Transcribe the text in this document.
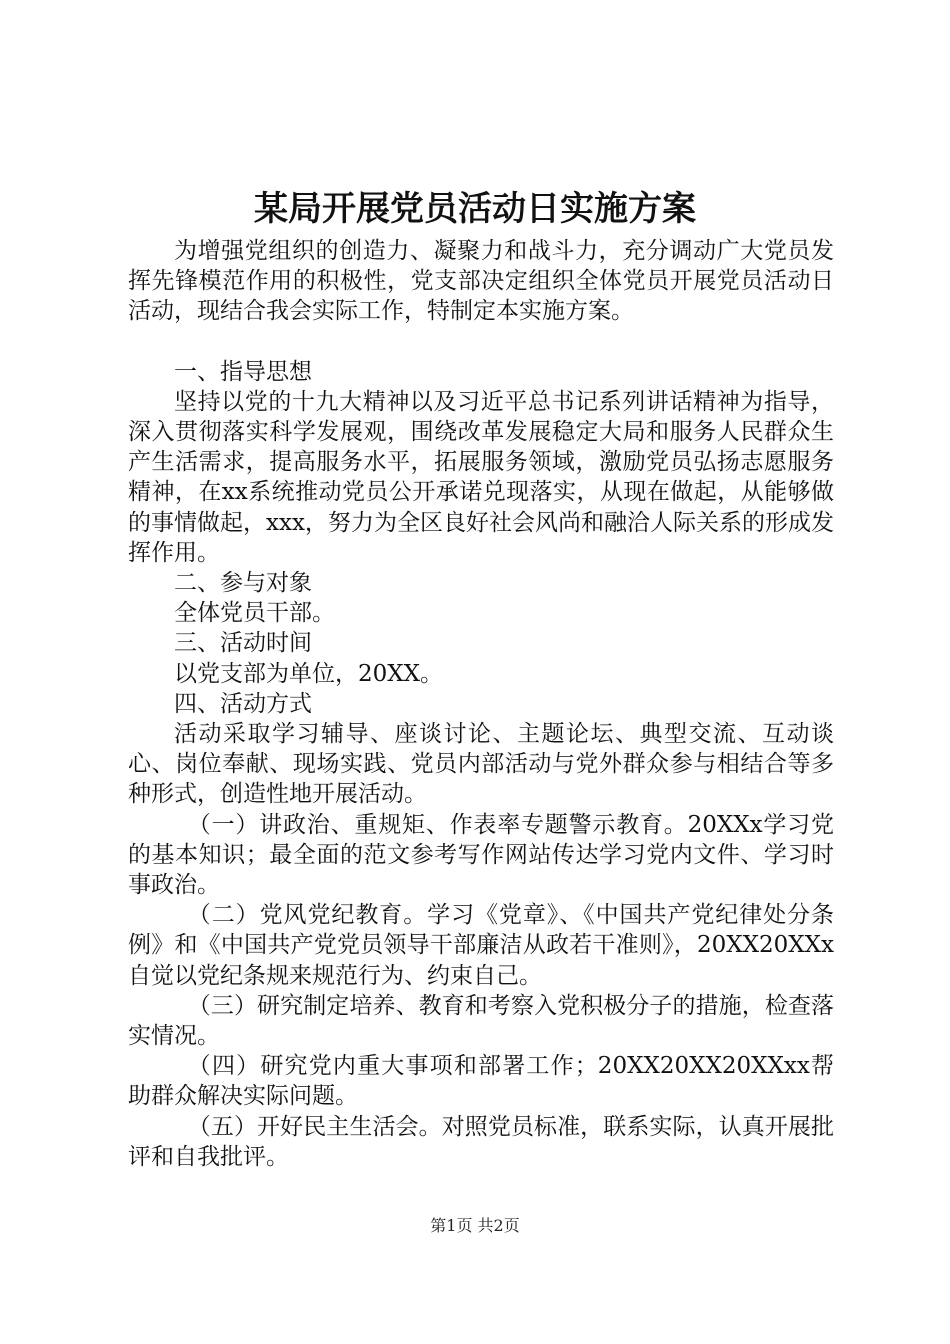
某局开展党员活动日实施方案

为增强党组织的创造力、凝聚力和战斗力，充分调动广大党员发挥先锋模范作用的积极性，党支部决定组织全体党员开展党员活动日活动，现结合我会实际工作，特制定本实施方案。

一、指导思想

坚持以党的十九大精神以及习近平总书记系列讲话精神为指导，深入贯彻落实科学发展观，围绕改革发展稳定大局和服务人民群众生产生活需求，提高服务水平，拓展服务领域，激励党员弘扬志愿服务精神，在xx系统推动党员公开承诺兑现落实，从现在做起，从能够做的事情做起，xxx，努力为全区良好社会风尚和融洽人际关系的形成发挥作用。

二、参与对象

全体党员干部。

三、活动时间

以党支部为单位，20XX。

四、活动方式

活动采取学习辅导、座谈讨论、主题论坛、典型交流、互动谈心、岗位奉献、现场实践、党员内部活动与党外群众参与相结合等多种形式，创造性地开展活动。

（一）讲政治、重规矩、作表率专题警示教育。20XXx学习党的基本知识；最全面的范文参考写作网站传达学习党内文件、学习时事政治。

（二）党风党纪教育。学习《党章》、《中国共产党纪律处分条例》和《中国共产党党员领导干部廉洁从政若干准则》，20XX20XXx自觉以党纪条规来规范行为、约束自己。

（三）研究制定培养、教育和考察入党积极分子的措施，检查落实情况。

（四）研究党内重大事项和部署工作；20XX20XX20XXxx帮助群众解决实际问题。

（五）开好民主生活会。对照党员标准，联系实际，认真开展批评和自我批评。

第1页 共2页
